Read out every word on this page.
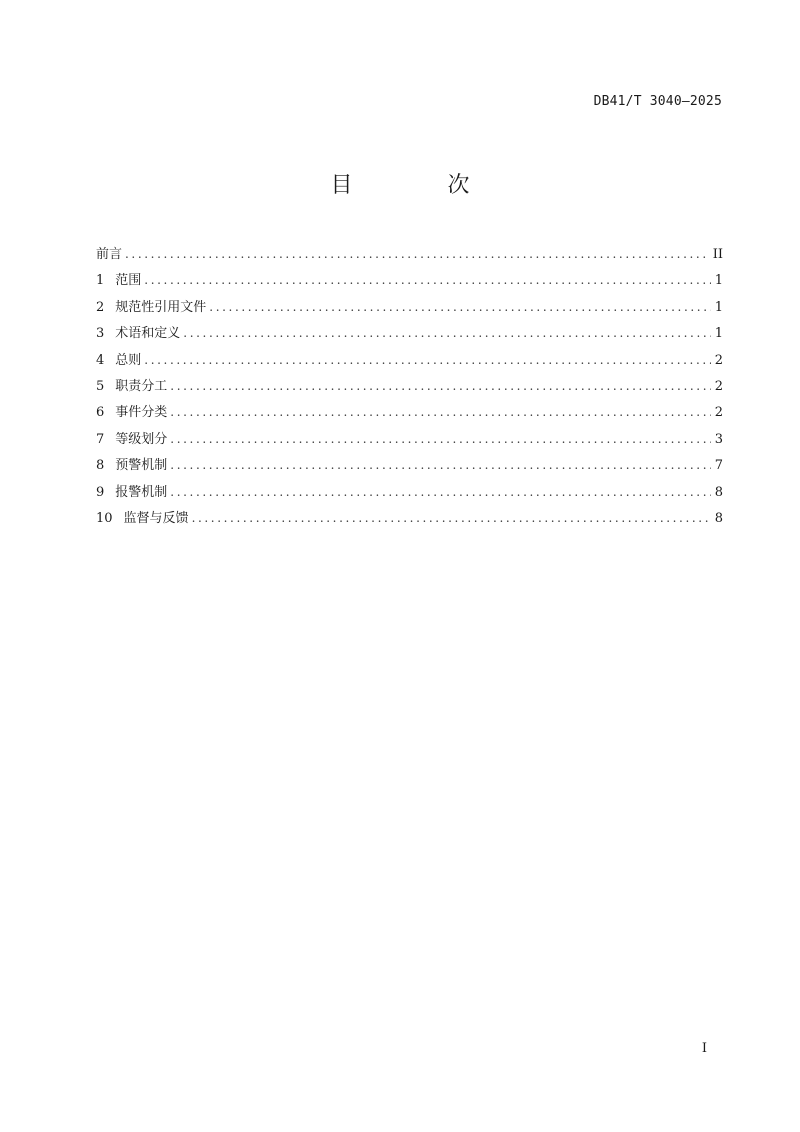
DB41/T 3040—2025
目 次
前言 .....	II
1 范围 .....	1
2 规范性引用文件 .....	1
3 术语和定义 .....	1
4 总则 .....	2
5 职责分工 .....	2
6 事件分类 .....	2
7 等级划分 .....	3
8 预警机制 .....	7
9 报警机制 .....	8
10 监督与反馈 .....	8
I
